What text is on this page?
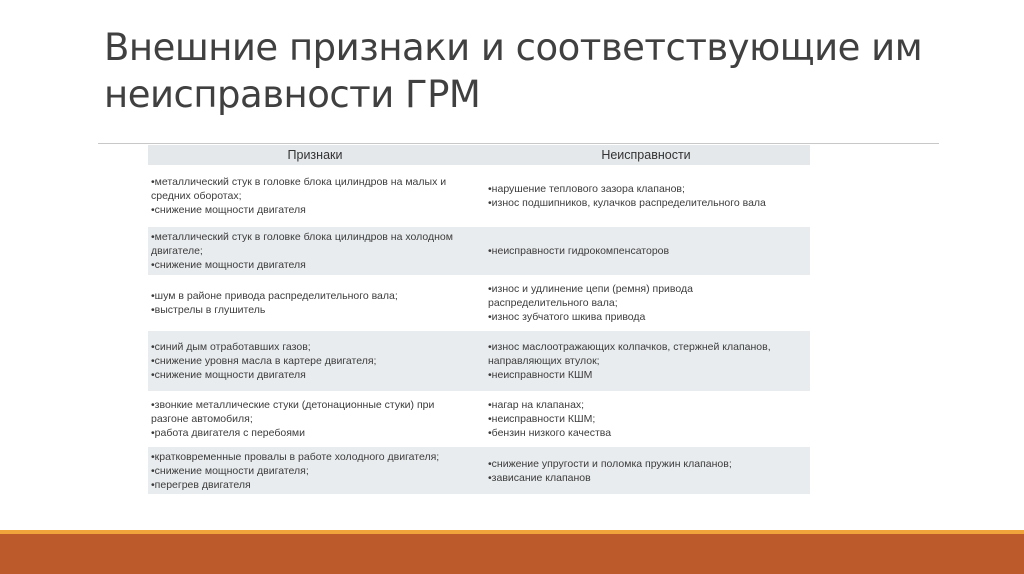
Внешние признаки и соответствующие им
неисправности ГРМ
Признаки	Неисправности
•металлический стук в головке блока цилиндров на малых и
средних оборотах;
•снижение мощности двигателя
•нарушение теплового зазора клапанов;
•износ подшипников, кулачков распределительного вала
•металлический стук в головке блока цилиндров на холодном
двигателе;
•снижение мощности двигателя
•неисправности гидрокомпенсаторов
•шум в районе привода распределительного вала;
•выстрелы в глушитель
•износ и удлинение цепи (ремня) привода
распределительного вала;
•износ зубчатого шкива привода
•синий дым отработавших газов;
•снижение уровня масла в картере двигателя;
•снижение мощности двигателя
•износ маслоотражающих колпачков, стержней клапанов,
направляющих втулок;
•неисправности КШМ
•звонкие металлические стуки (детонационные стуки) при
разгоне автомобиля;
•работа двигателя с перебоями
•нагар на клапанах;
•неисправности КШМ;
•бензин низкого качества
•кратковременные провалы в работе холодного двигателя;
•снижение мощности двигателя;
•перегрев двигателя
•снижение упругости и поломка пружин клапанов;
•зависание клапанов
